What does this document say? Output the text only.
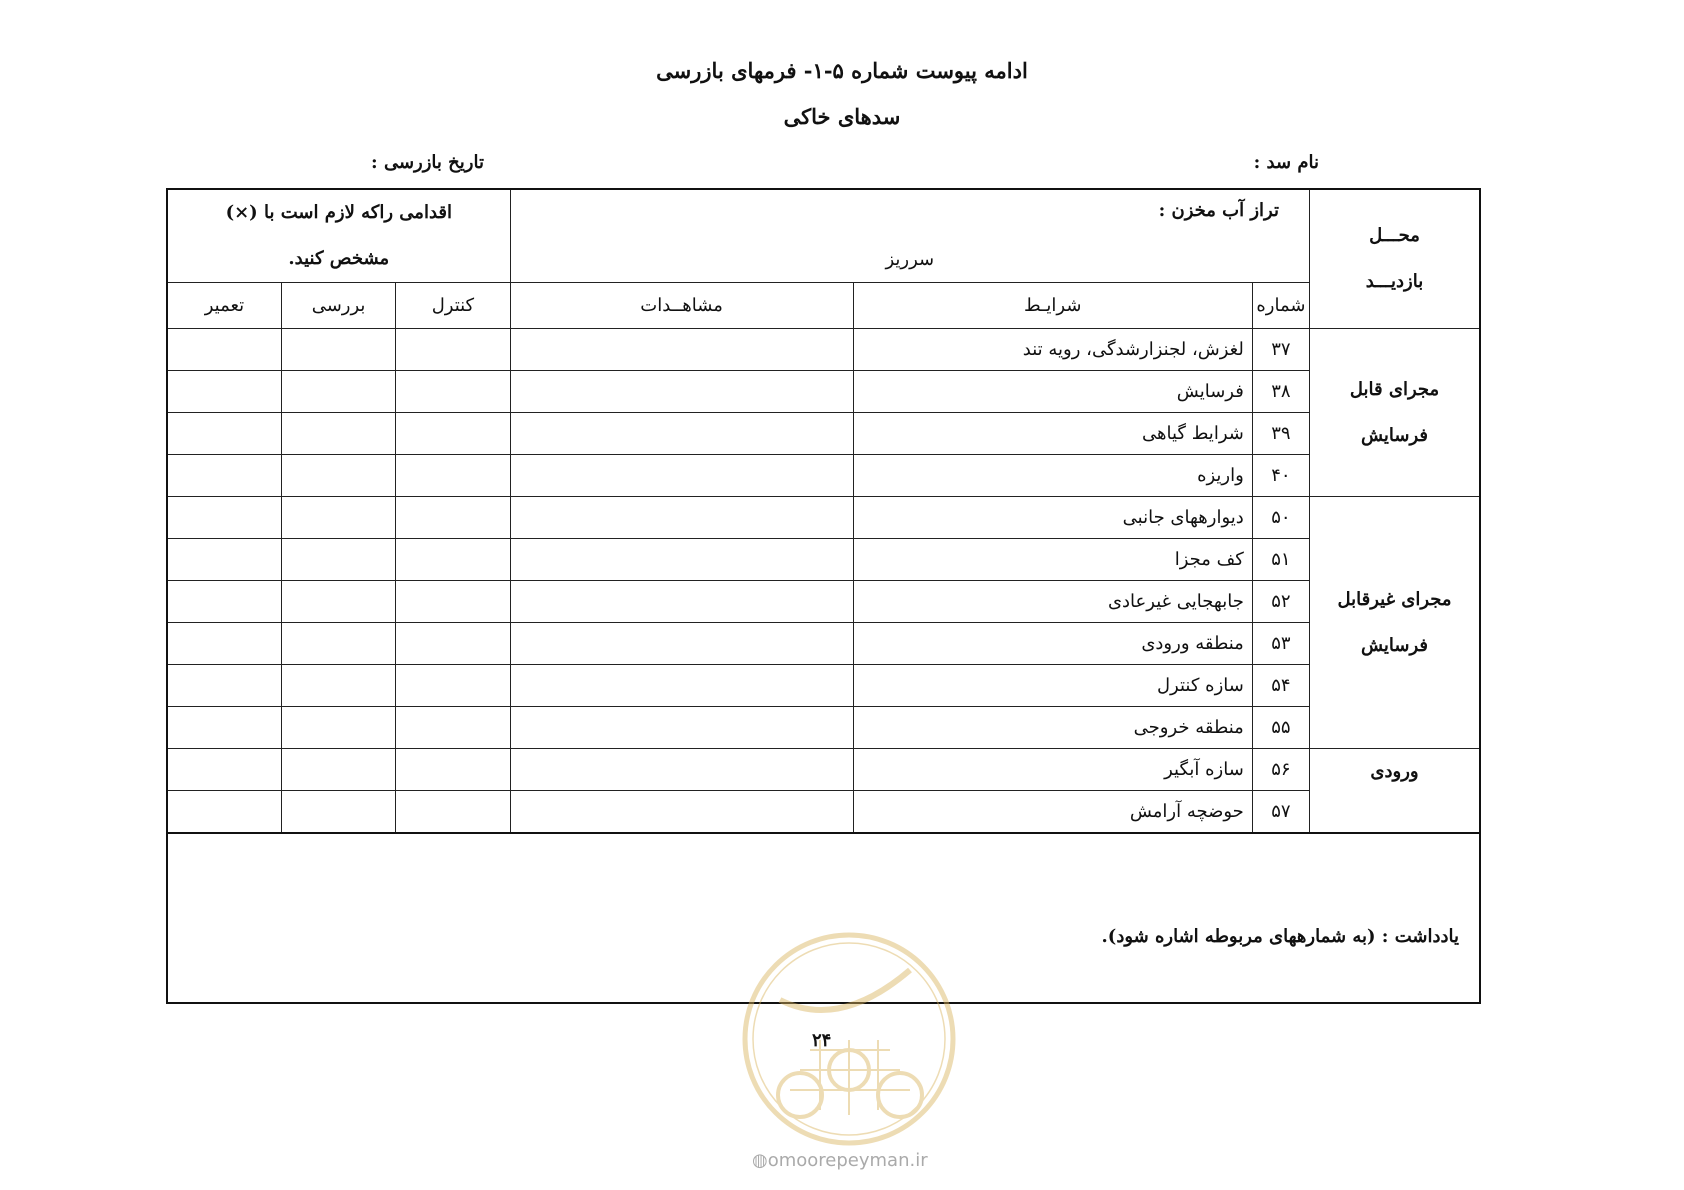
ادامه پیوست شماره ۵-۱- فرمهای بازرسی
سدهای خاکی
نام سد :
تاریخ بازرسی :
محـــل
بازدیـــد	تراز آب مخزن :			اقدامی راکه لازم است با (×)
مشخص کنید.		
	سرریز					
	شماره	شرایـط	مشاهــدات	کنترل	بررسی	تعمیر
مجرای قابل
فرسایش	۳۷	لغزش، لجنزارشدگی، رویه تند				
	۳۸	فرسایش				
	۳۹	شرایط گیاهی				
	۴۰	واریزه				
مجرای غیرقابل
فرسایش	۵۰	دیوارههای جانبی				
	۵۱	کف مجزا				
	۵۲	جابهجایی غیرعادی				
	۵۳	منطقه ورودی				
	۵۴	سازه کنترل				
	۵۵	منطقه خروجی				
ورودی	۵۶	سازه آبگیر				
	۵۷	حوضچه آرامش				
یادداشت : (به شمارههای مربوطه اشاره شود).
۲۴
◍omoorepeyman.ir
